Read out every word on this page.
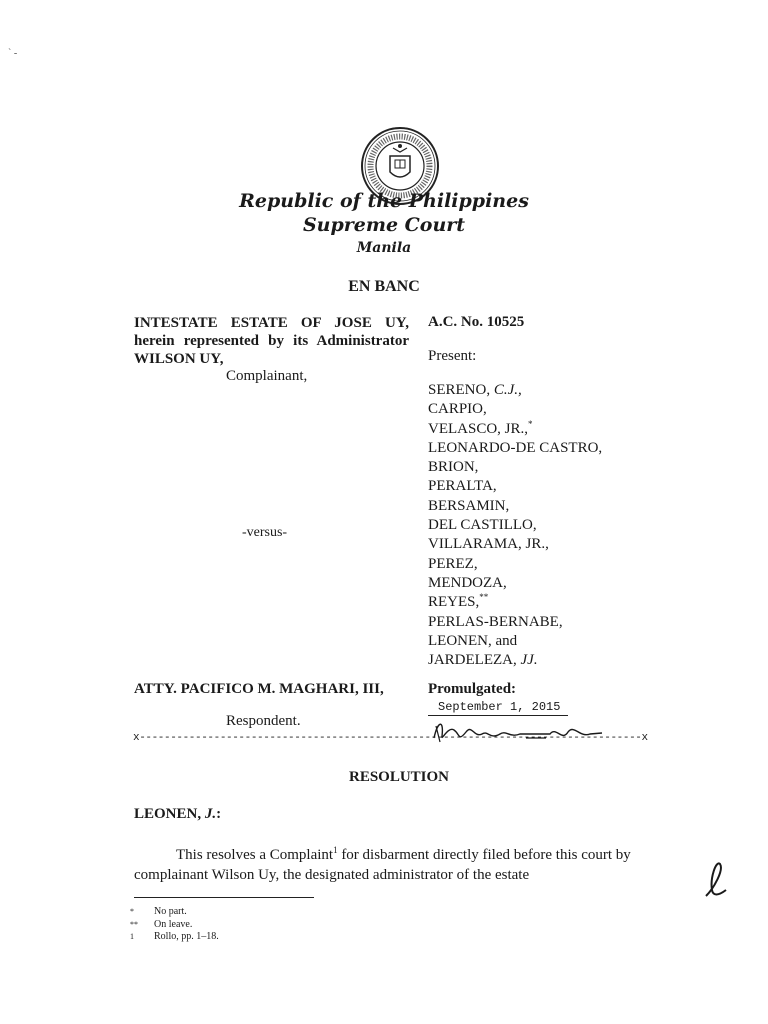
` -
Republic of the Philippines
Supreme Court
Manila
EN BANC
INTESTATE ESTATE OF JOSE UY, herein represented by its Administrator WILSON UY,
Complainant,
-versus-
ATTY. PACIFICO M. MAGHARI, III,
Respondent.
A.C. No. 10525
Present:
SERENO, C.J.,
CARPIO,
VELASCO, JR.,*
LEONARDO-DE CASTRO,
BRION,
PERALTA,
BERSAMIN,
DEL CASTILLO,
VILLARAMA, JR.,
PEREZ,
MENDOZA,
REYES,**
PERLAS-BERNABE,
LEONEN, and
JARDELEZA, JJ.
Promulgated:
September 1, 2015
x---------------------------------------------------------------------------------x
RESOLUTION
LEONEN, J.:
This resolves a Complaint$^1$ for disbarment directly filed before this court by complainant Wilson Uy, the designated administrator of the estate
*	No part.
**	On leave.
1	Rollo, pp. 1–18.
